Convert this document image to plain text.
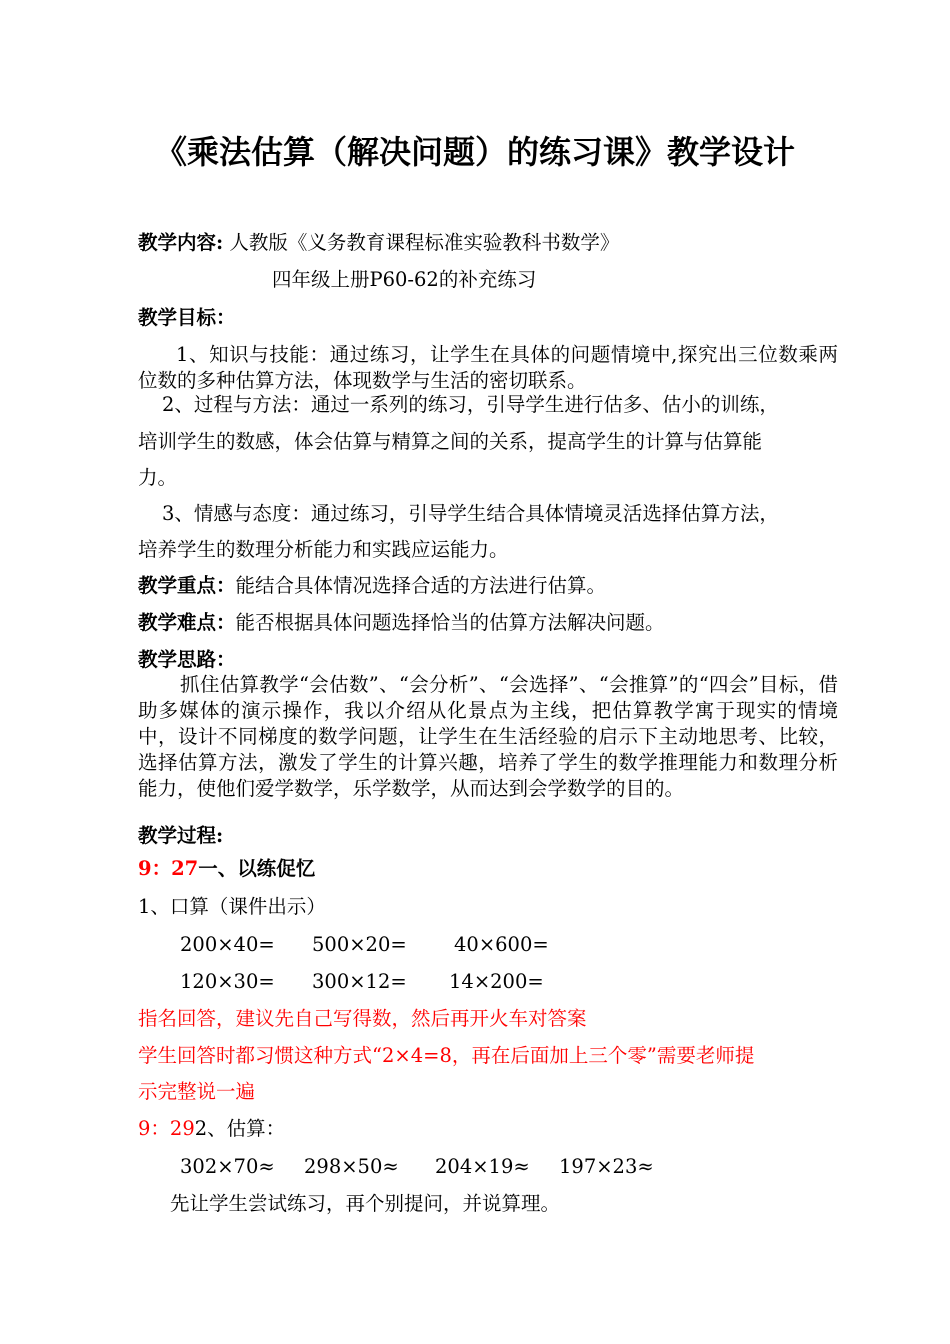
《乘法估算（解决问题）的练习课》教学设计
教学内容: 人教版《义务教育课程标准实验教科书数学》
四年级上册P60-62的补充练习
教学目标：
1、知识与技能：通过练习，让学生在具体的问题情境中,探究出三位数乘两位数的多种估算方法，体现数学与生活的密切联系。
2、过程与方法：通过一系列的练习，引导学生进行估多、估小的训练，
培训学生的数感，体会估算与精算之间的关系，提高学生的计算与估算能
力。
3、情感与态度：通过练习，引导学生结合具体情境灵活选择估算方法，
培养学生的数理分析能力和实践应运能力。
教学重点：能结合具体情况选择合适的方法进行估算。
教学难点：能否根据具体问题选择恰当的估算方法解决问题。
教学思路：
抓住估算教学“会估数”、“会分析”、“会选择”、“会推算”的“四会”目标，借助多媒体的演示操作，我以介绍从化景点为主线，把估算教学寓于现实的情境中，设计不同梯度的数学问题，让学生在生活经验的启示下主动地思考、比较，选择估算方法，激发了学生的计算兴趣，培养了学生的数学推理能力和数理分析能力，使他们爱学数学，乐学数学，从而达到会学数学的目的。
教学过程:
9：27一、以练促忆
1、口算（课件出示）
200×40= 500×20= 40×600=
120×30= 300×12= 14×200=
指名回答，建议先自己写得数，然后再开火车对答案
学生回答时都习惯这种方式“2×4=8，再在后面加上三个零”需要老师提
示完整说一遍
9：292、估算：
302×70≈ 298×50≈ 204×19≈ 197×23≈
先让学生尝试练习，再个别提问，并说算理。
